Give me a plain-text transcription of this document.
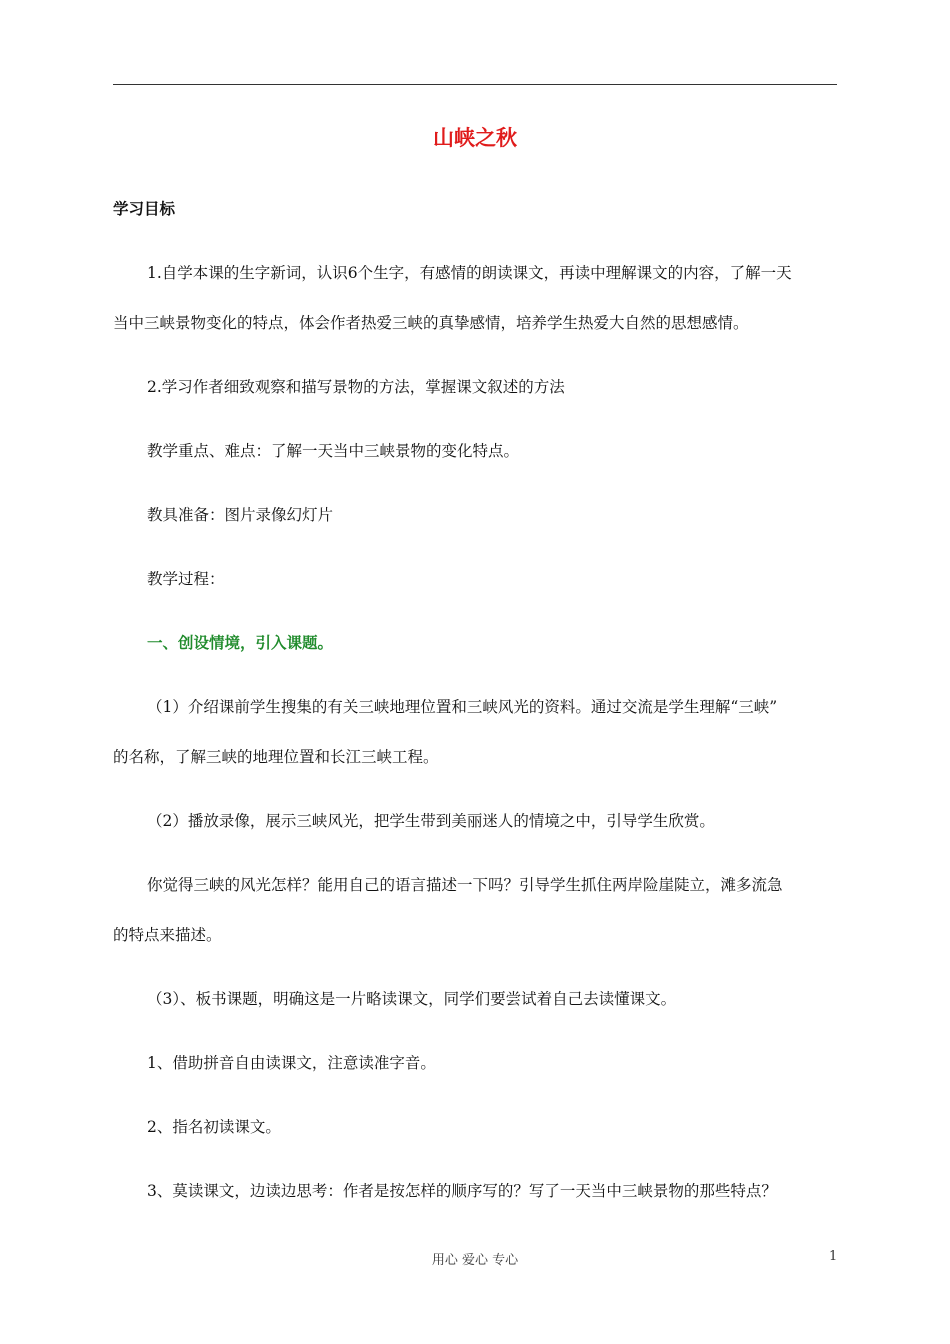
山峡之秋
学习目标
1.自学本课的生字新词，认识6个生字，有感情的朗读课文，再读中理解课文的内容，了解一天
当中三峡景物变化的特点，体会作者热爱三峡的真挚感情，培养学生热爱大自然的思想感情。
2.学习作者细致观察和描写景物的方法，掌握课文叙述的方法
教学重点、难点：了解一天当中三峡景物的变化特点。
教具准备：图片录像幻灯片
教学过程：
一、创设情境，引入课题。
（1）介绍课前学生搜集的有关三峡地理位置和三峡风光的资料。通过交流是学生理解“三峡”
的名称，了解三峡的地理位置和长江三峡工程。
（2）播放录像，展示三峡风光，把学生带到美丽迷人的情境之中，引导学生欣赏。
你觉得三峡的风光怎样？能用自己的语言描述一下吗？引导学生抓住两岸险崖陡立，滩多流急
的特点来描述。
（3）、板书课题，明确这是一片略读课文，同学们要尝试着自己去读懂课文。
1、借助拼音自由读课文，注意读准字音。
2、指名初读课文。
3、莫读课文，边读边思考：作者是按怎样的顺序写的？写了一天当中三峡景物的那些特点？
用心 爱心 专心	1
